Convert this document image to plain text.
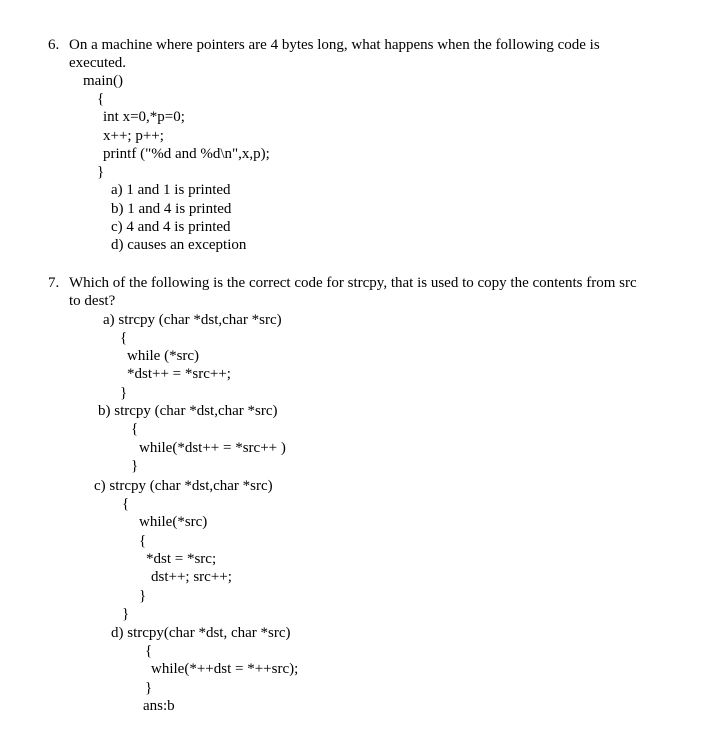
6. On a machine where pointers are 4 bytes long, what happens when the following code is
executed.
main()
{
int x=0,*p=0;
x++; p++;
printf ("%d and %d\n",x,p);
}
a) 1 and 1 is printed
b) 1 and 4 is printed
c) 4 and 4 is printed
d) causes an exception
7. Which of the following is the correct code for strcpy, that is used to copy the contents from src
to dest?
a) strcpy (char *dst,char *src)
{
while (*src)
*dst++ = *src++;
}
b) strcpy (char *dst,char *src)
{
while(*dst++ = *src++ )
}
c) strcpy (char *dst,char *src)
{
while(*src)
{
*dst = *src;
dst++; src++;
}
}
d) strcpy(char *dst, char *src)
{
while(*++dst = *++src);
}
ans:b
